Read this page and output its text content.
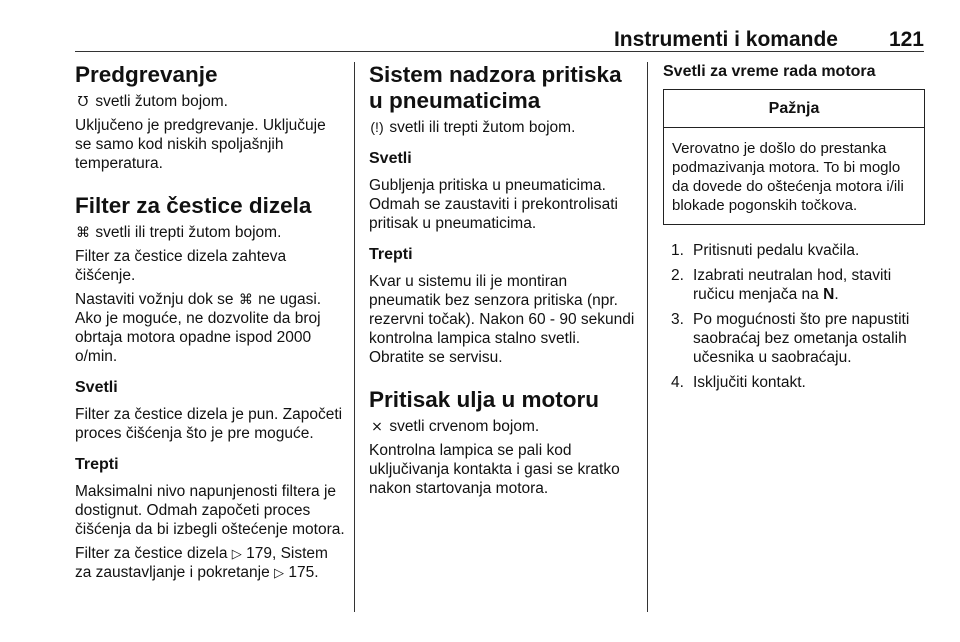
Instrumenti i komande 121
Predgrevanje

℧ svetli žutom bojom.

Uključeno je predgrevanje. Uključuje se samo kod niskih spoljašnjih temperatura.

Filter za čestice dizela

⌘ svetli ili trepti žutom bojom.

Filter za čestice dizela zahteva čišćenje.

Nastaviti vožnju dok se ⌘ ne ugasi. Ako je moguće, ne dozvolite da broj obrtaja motora opadne ispod 2000 o/min.

Svetli

Filter za čestice dizela je pun. Započeti proces čišćenja što je pre moguće.

Trepti

Maksimalni nivo napunjenosti filtera je dostignut. Odmah započeti proces čišćenja da bi izbegli oštećenje motora.

Filter za čestice dizela ▷ 179, Sistem za zaustavljanje i pokretanje ▷ 175.

Sistem nadzora pritiska u pneumaticima

(!) svetli ili trepti žutom bojom.

Svetli

Gubljenja pritiska u pneumaticima. Odmah se zaustaviti i prekontrolisati pritisak u pneumaticima.

Trepti

Kvar u sistemu ili je montiran pneumatik bez senzora pritiska (npr. rezervni točak). Nakon 60 - 90 sekundi kontrolna lampica stalno svetli. Obratite se servisu.

Pritisak ulja u motoru

⨯ svetli crvenom bojom.

Kontrolna lampica se pali kod uključivanja kontakta i gasi se kratko nakon startovanja motora.

Svetli za vreme rada motora
Pažnja
Verovatno je došlo do prestanka podmazivanja motora. To bi moglo da dovede do oštećenja motora i/ili blokade pogonskih točkova.
1. Pritisnuti pedalu kvačila.
2. Izabrati neutralan hod, staviti ručicu menjača na N.
3. Po mogućnosti što pre napustiti saobraćaj bez ometanja ostalih učesnika u saobraćaju.
4. Isključiti kontakt.
